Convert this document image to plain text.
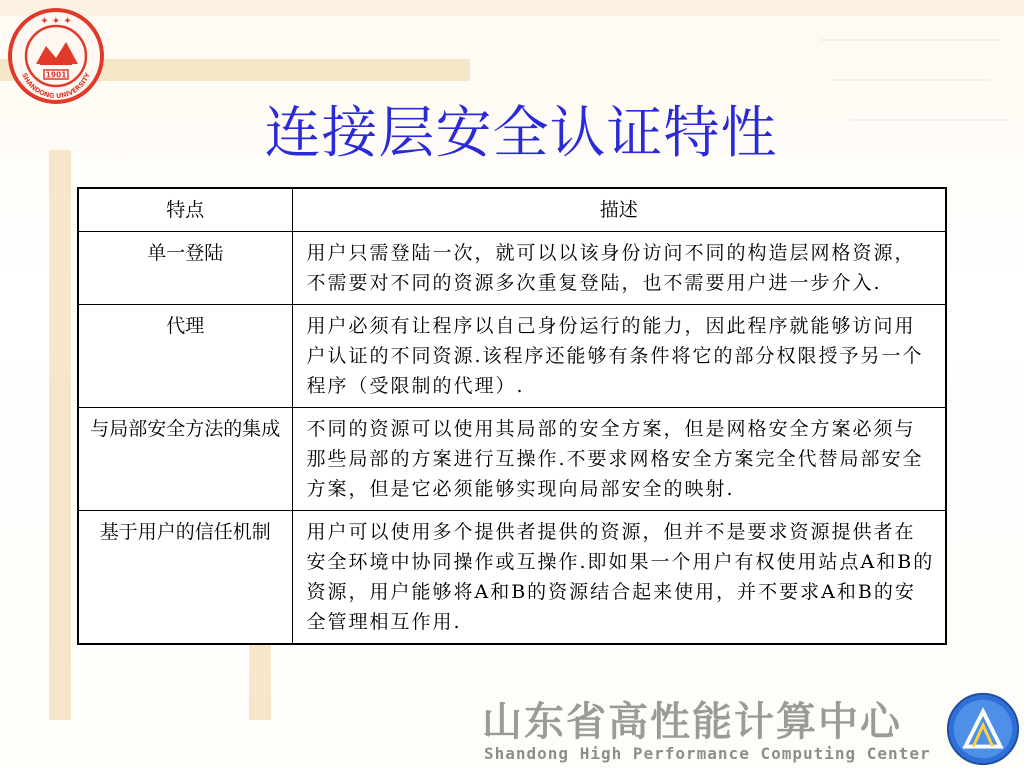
1901
SHANDONG UNIVERSITY
✦ ✦ ✦
连接层安全认证特性
特点	描述
单一登陆	用户只需登陆一次，就可以以该身份访问不同的构造层网格资源，不需要对不同的资源多次重复登陆，也不需要用户进一步介入.
代理	用户必须有让程序以自己身份运行的能力，因此程序就能够访问用户认证的不同资源.该程序还能够有条件将它的部分权限授予另一个程序（受限制的代理）.
与局部安全方法的集成	不同的资源可以使用其局部的安全方案，但是网格安全方案必须与那些局部的方案进行互操作.不要求网格安全方案完全代替局部安全方案，但是它必须能够实现向局部安全的映射.
基于用户的信任机制	用户可以使用多个提供者提供的资源，但并不是要求资源提供者在安全环境中协同操作或互操作.即如果一个用户有权使用站点A和B的资源，用户能够将A和B的资源结合起来使用，并不要求A和B的安全管理相互作用.
山东省高性能计算中心
Shandong High Performance Computing Center
